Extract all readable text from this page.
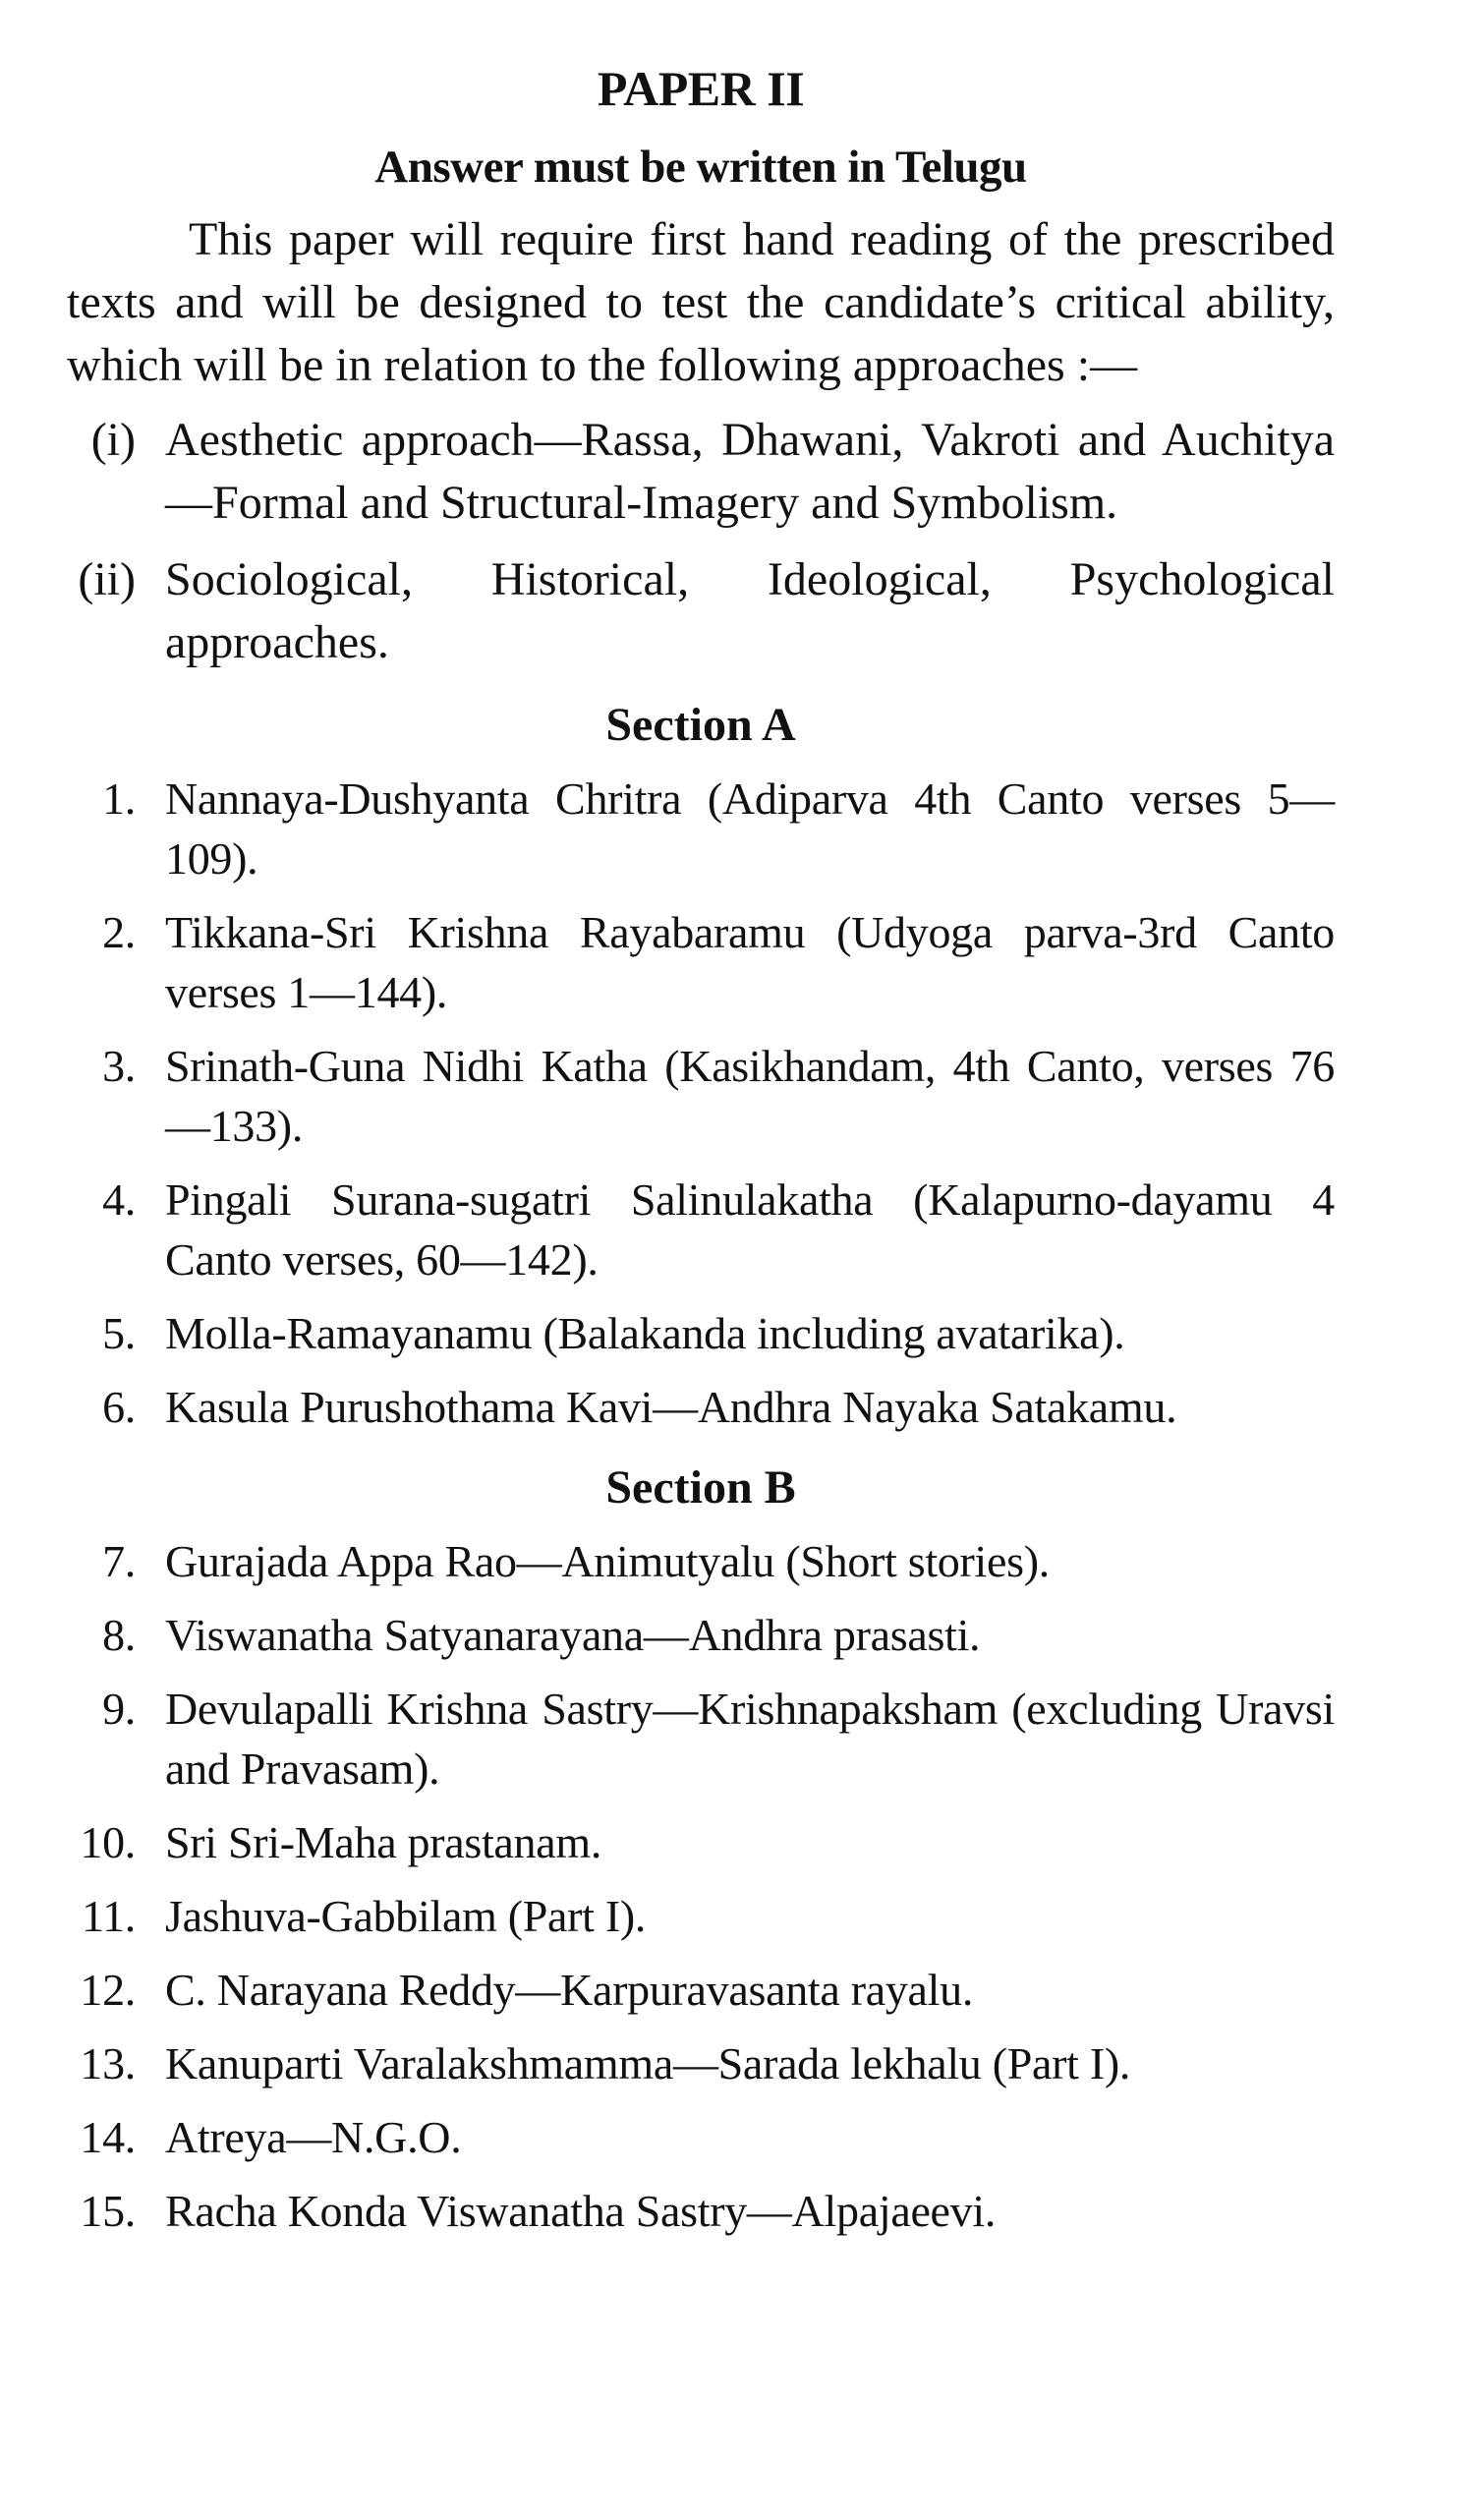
PAPER II
Answer must be written in Telugu
This paper will require first hand reading of the prescribed texts and will be designed to test the candidate’s critical ability, which will be in relation to the following approaches :—
(i) Aesthetic approach—Rassa, Dhawani, Vakroti and Auchitya—Formal and Structural-Imagery and Symbolism.
(ii) Sociological, Historical, Ideological, Psychological approaches.
Section A
1. Nannaya-Dushyanta Chritra (Adiparva 4th Canto verses 5—109).
2. Tikkana-Sri Krishna Rayabaramu (Udyoga parva-3rd Canto verses 1—144).
3. Srinath-Guna Nidhi Katha (Kasikhandam, 4th Canto, verses 76—133).
4. Pingali Surana-sugatri Salinulakatha (Kalapurno-dayamu 4 Canto verses, 60—142).
5. Molla-Ramayanamu (Balakanda including avatarika).
6. Kasula Purushothama Kavi—Andhra Nayaka Satakamu.
Section B
7. Gurajada Appa Rao—Animutyalu (Short stories).
8. Viswanatha Satyanarayana—Andhra prasasti.
9. Devulapalli Krishna Sastry—Krishnapaksham (excluding Uravsi and Pravasam).
10. Sri Sri-Maha prastanam.
11. Jashuva-Gabbilam (Part I).
12. C. Narayana Reddy—Karpuravasanta rayalu.
13. Kanuparti Varalakshmamma—Sarada lekhalu (Part I).
14. Atreya—N.G.O.
15. Racha Konda Viswanatha Sastry—Alpajaeevi.
